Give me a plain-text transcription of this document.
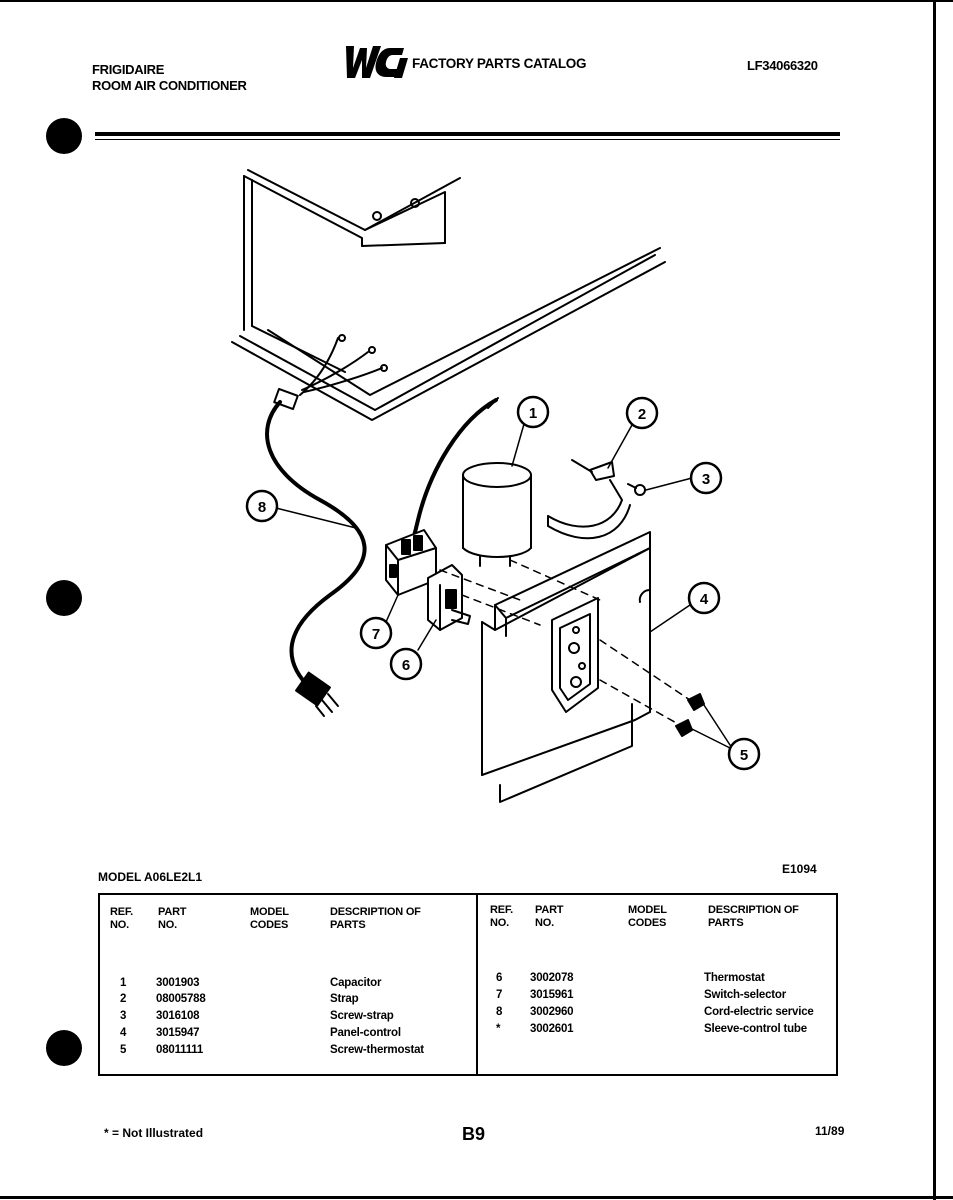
FRIGIDAIRE
ROOM AIR CONDITIONER
FACTORY PARTS CATALOG	LF34066320
1	2
3
4
5
6
7
8
MODEL A06LE2L1
E1094
REF. NO.
PART NO.
MODEL CODES
DESCRIPTION OF PARTS
REF. NO.
PART NO.
MODEL CODES
DESCRIPTION OF PARTS
1	3001903	Capacitor
2	08005788	Strap
3	3016108	Screw-strap
4	3015947	Panel-control
5	08011111	Screw-thermostat
6 3002078	Thermostat
7 3015961	Switch-selector
8 3002960	Cord-electric service
*	3002601	Sleeve-control tube
* = Not Illustrated	B9	11/89
